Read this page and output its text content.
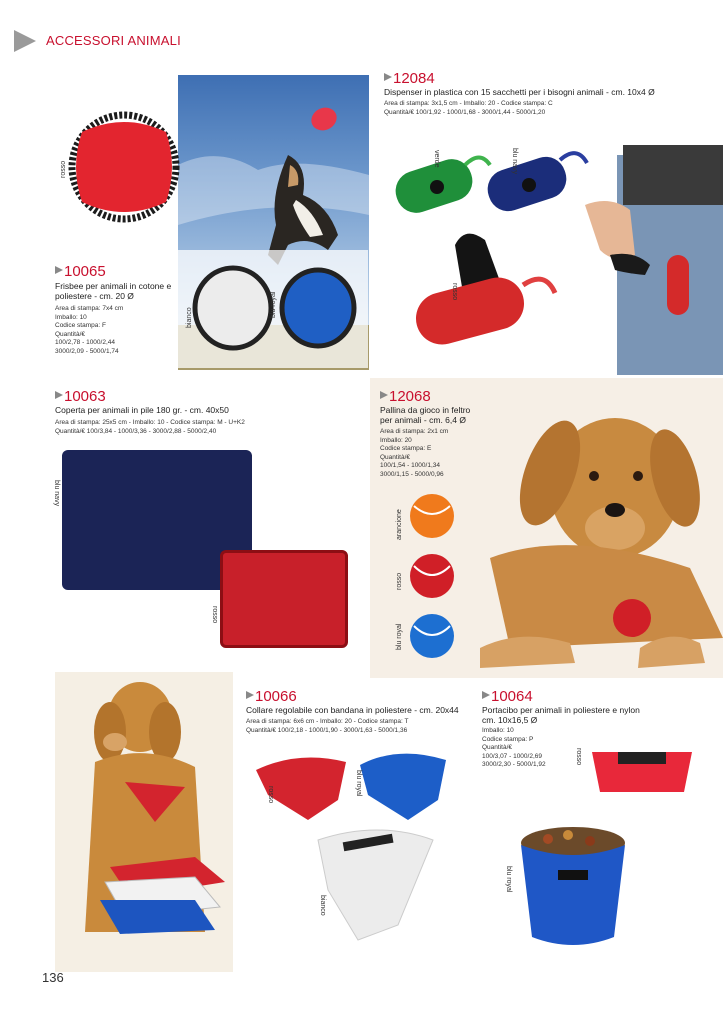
ACCESSORI ANIMALI
rosso
bianco	blu royal
10065
Frisbee per animali in cotone e poliestere - cm. 20 Ø
Area di stampa: 7x4 cm
Imballo: 10
Codice stampa: F
Quantità/€
100/2,78 - 1000/2,44
3000/2,09 - 5000/1,74
12084
Dispenser in plastica con 15 sacchetti per i bisogni animali - cm. 10x4 Ø
Area di stampa: 3x1,5 cm - Imballo: 20 - Codice stampa: C
Quantità/€ 100/1,92 - 1000/1,68 - 3000/1,44 - 5000/1,20
verde	blu navy
rosso
10063
Coperta per animali in pile 180 gr. - cm. 40x50
Area di stampa: 25x5 cm - Imballo: 10 - Codice stampa: M - U+K2
Quantità/€ 100/3,84 - 1000/3,36 - 3000/2,88 - 5000/2,40
blu navy
rosso
12068
Pallina da gioco in feltro per animali - cm. 6,4 Ø
Area di stampa: 2x1 cm
Imballo: 20
Codice stampa: E
Quantità/€
100/1,54 - 1000/1,34
3000/1,15 - 5000/0,96
arancione
rosso
blu royal
10066
Collare regolabile con bandana in poliestere - cm. 20x44
Area di stampa: 6x6 cm - Imballo: 20 - Codice stampa: T
Quantità/€ 100/2,18 - 1000/1,90 - 3000/1,63 - 5000/1,36
rosso	blu royal
bianco
10064
Portacibo per animali in poliestere e nylon cm. 10x16,5 Ø
Imballo: 10
Codice stampa: P
Quantità/€
100/3,07 - 1000/2,69
3000/2,30 - 5000/1,92	rosso
blu royal
136
